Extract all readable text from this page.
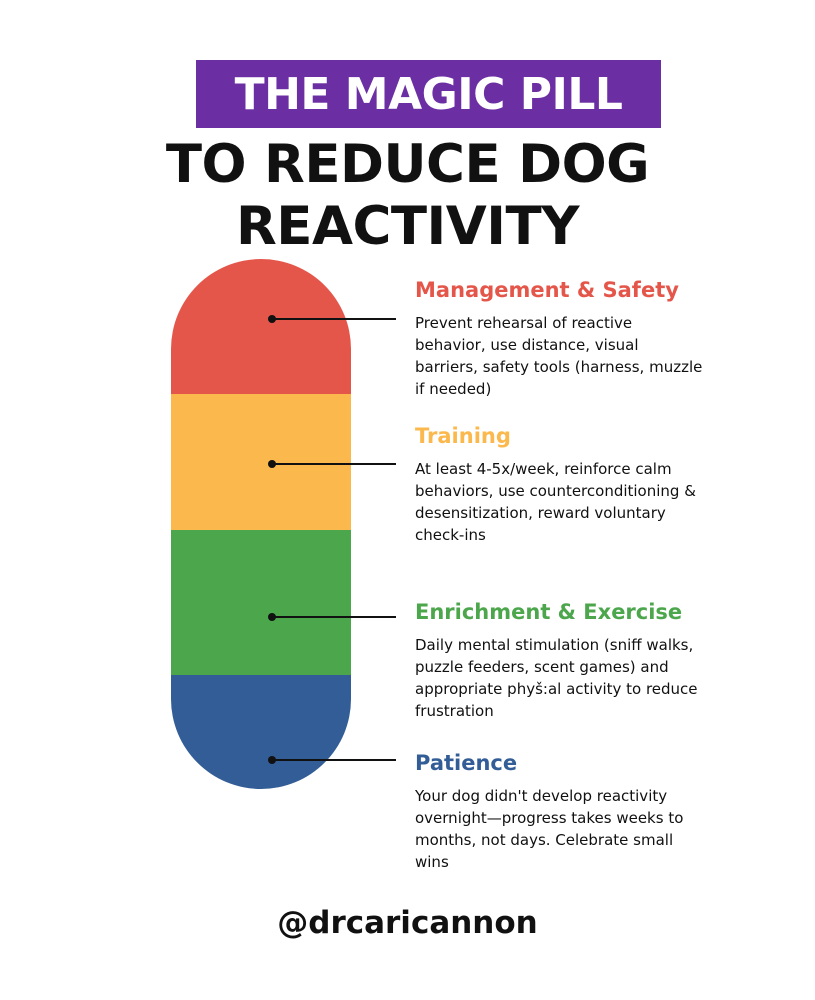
THE MAGIC PILL
TO REDUCE DOG
REACTIVITY
Management & Safety

Prevent rehearsal of reactive behavior, use distance, visual barriers, safety tools (harness, muzzle if needed)

Training

At least 4-5x/week, reinforce calm behaviors, use counterconditioning & desensitization, reward voluntary check-ins

Enrichment & Exercise

Daily mental stimulation (sniff walks, puzzle feeders, scent games) and appropriate phyš:al activity to reduce frustration

Patience

Your dog didn't develop reactivity overnight—progress takes weeks to months, not days. Celebrate small wins

@drcaricannon
